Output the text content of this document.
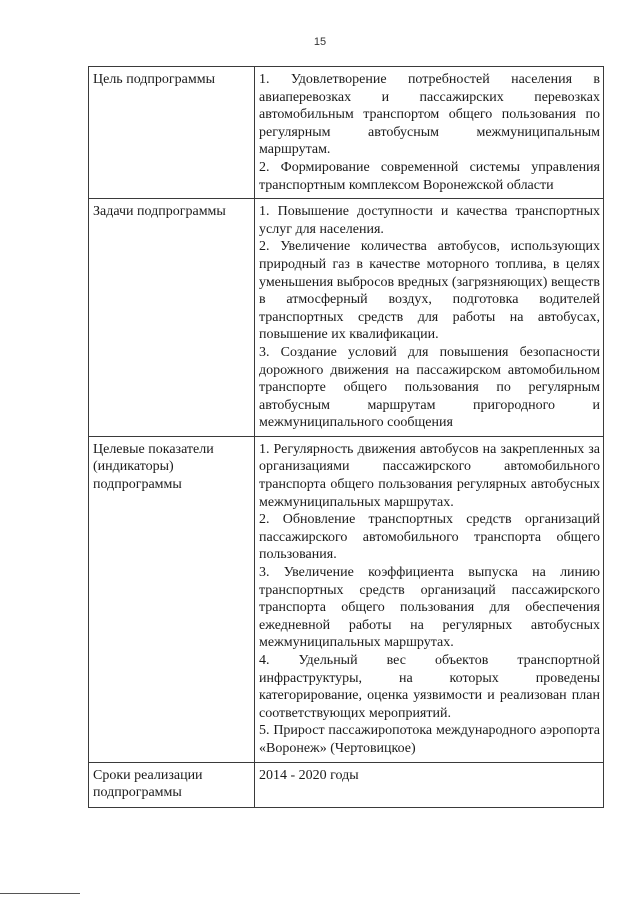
15
Цель подпрограммы	1. Удовлетворение потребностей населения в авиаперевозках и пассажирских перевозках автомобильным транспортом общего пользования по регулярным автобусным межмуниципальным маршрутам.
2. Формирование современной системы управления транспортным комплексом Воронежской области

Задачи подпрограммы	1. Повышение доступности и качества транспортных услуг для населения.
2. Увеличение количества автобусов, использующих природный газ в качестве моторного топлива, в целях уменьшения выбросов вредных (загрязняющих) веществ в атмосферный воздух, подготовка водителей транспортных средств для работы на автобусах, повышение их квалификации.
3. Создание условий для повышения безопасности дорожного движения на пассажирском автомобильном транспорте общего пользования по регулярным автобусным маршрутам пригородного и межмуниципального сообщения

Целевые показатели (индикаторы) подпрограммы	1. Регулярность движения автобусов на закрепленных за организациями пассажирского автомобильного транспорта общего пользования регулярных автобусных межмуниципальных маршрутах.
2. Обновление транспортных средств организаций пассажирского автомобильного транспорта общего пользования.
3. Увеличение коэффициента выпуска на линию транспортных средств организаций пассажирского транспорта общего пользования для обеспечения ежедневной работы на регулярных автобусных межмуниципальных маршрутах.
4. Удельный вес объектов транспортной инфраструктуры, на которых проведены категорирование, оценка уязвимости и реализован план соответствующих мероприятий.
5. Прирост пассажиропотока международного аэропорта «Воронеж» (Чертовицкое)

Сроки реализации подпрограммы	2014 - 2020 годы
